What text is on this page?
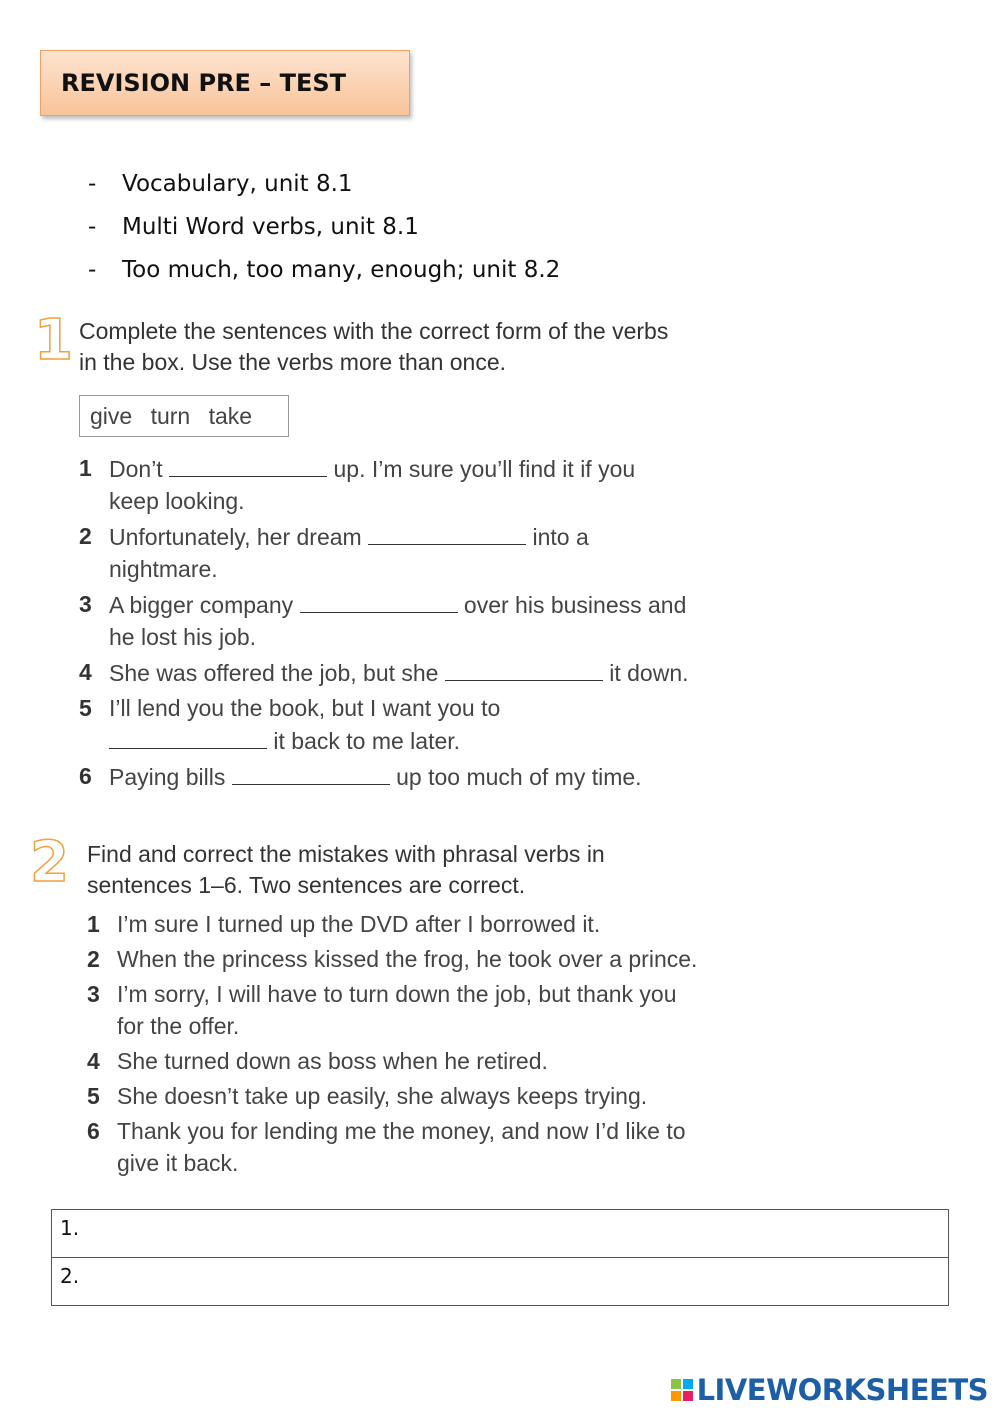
REVISION PRE – TEST
- Vocabulary, unit 8.1
- Multi Word verbs, unit 8.1
- Too much, too many, enough; unit 8.2
1 Complete the sentences with the correct form of the verbs
in the box. Use the verbs more than once.

give turn take
1 Don’t	up. I’m sure you’ll find it if you
keep looking.
2 Unfortunately, her dream	into a
nightmare.
3 A bigger company	over his business and
he lost his job.
4 She was offered the job, but she	it down.
5 I’ll lend you the book, but I want you to
it back to me later.
6 Paying bills	up too much of my time.
2 Find and correct the mistakes with phrasal verbs in
sentences 1–6. Two sentences are correct.

1 I’m sure I turned up the DVD after I borrowed it.
2 When the princess kissed the frog, he took over a prince.
3 I’m sorry, I will have to turn down the job, but thank you
for the offer.
4 She turned down as boss when he retired.
5 She doesn’t take up easily, she always keeps trying.
6 Thank you for lending me the money, and now I’d like to
give it back.
1.
2.
LIVEWORKSHEETS
